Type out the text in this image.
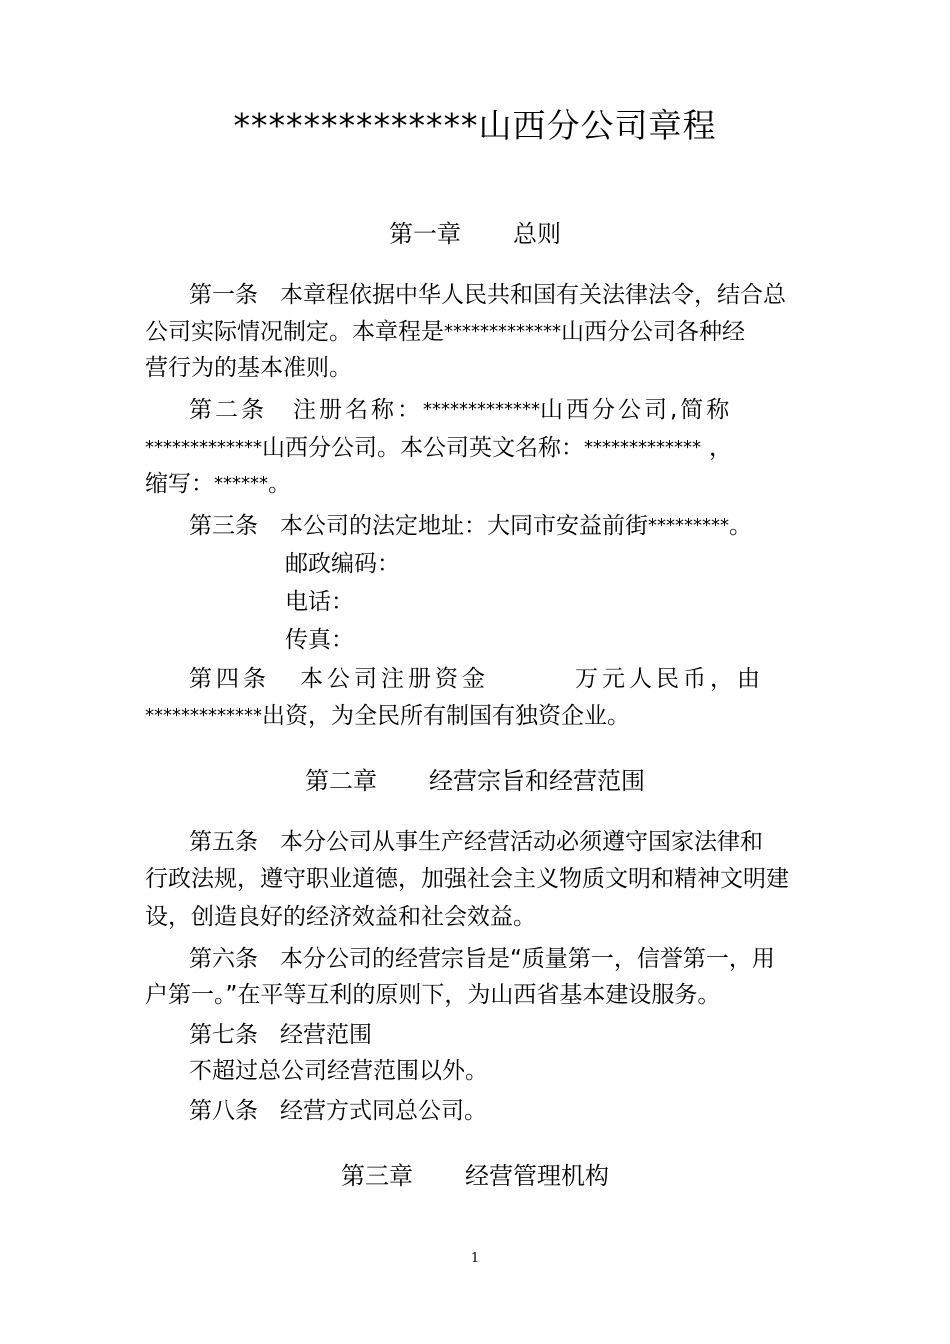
**************山西分公司章程
第一章 总则
第一条 本章程依据中华人民共和国有关法律法令，结合总
公司实际情况制定。本章程是*************山西分公司各种经
营行为的基本准则。
第二条 注册名称：*************山西分公司,简称
*************山西分公司。本公司英文名称：************* ，
缩写：******。
第三条 本公司的法定地址：大同市安益前街*********。
邮政编码：
电话：
传真：
第四条 本公司注册资金	万元人民币，由
*************出资，为全民所有制国有独资企业。
第二章 经营宗旨和经营范围
第五条 本分公司从事生产经营活动必须遵守国家法律和
行政法规，遵守职业道德，加强社会主义物质文明和精神文明建
设，创造良好的经济效益和社会效益。
第六条 本分公司的经营宗旨是“质量第一，信誉第一，用
户第一。”在平等互利的原则下，为山西省基本建设服务。
第七条 经营范围
不超过总公司经营范围以外。
第八条 经营方式同总公司。
第三章 经营管理机构
1
